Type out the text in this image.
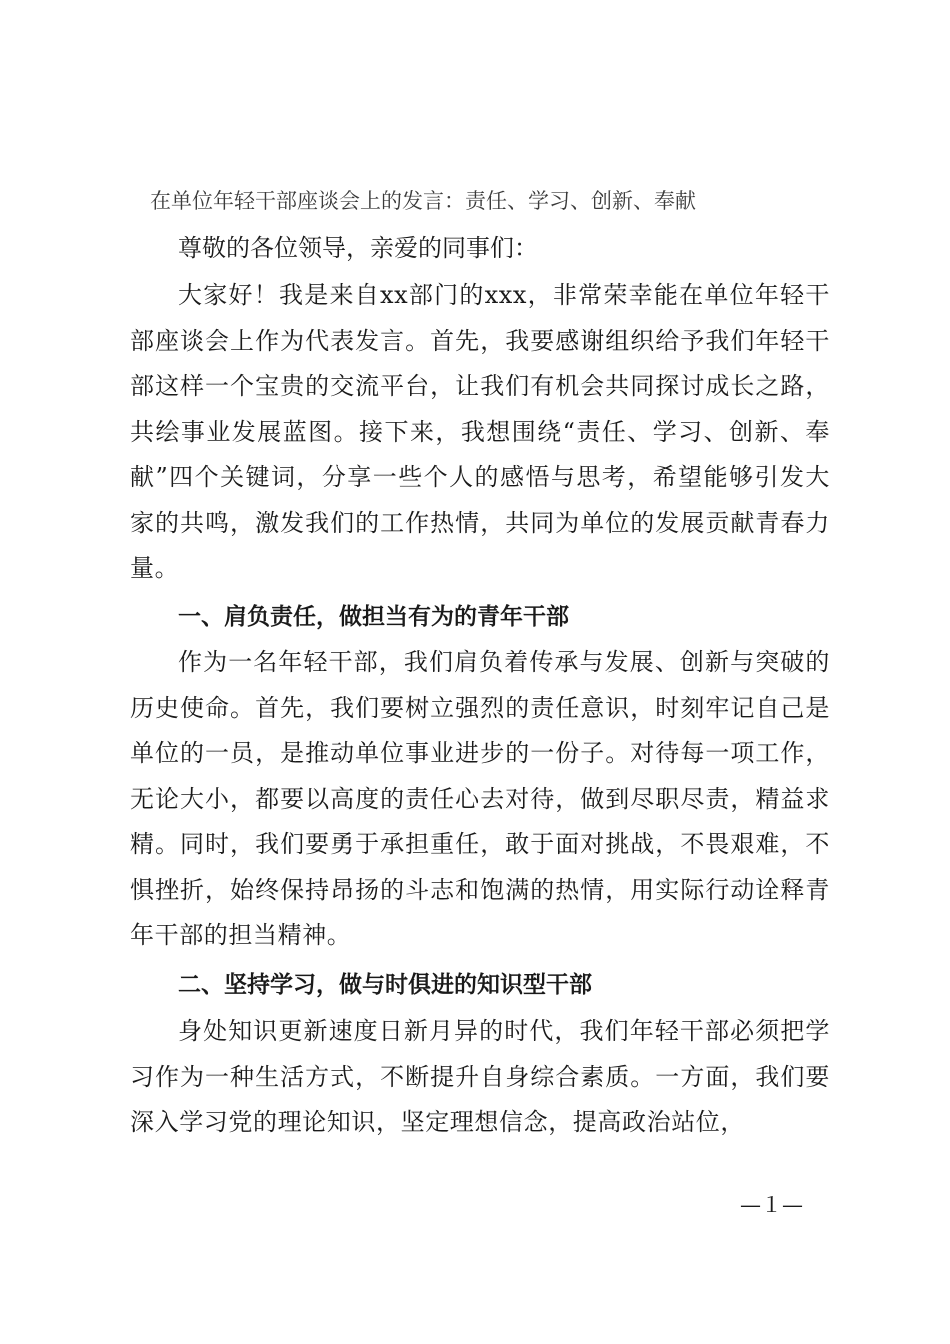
在单位年轻干部座谈会上的发言：责任、学习、创新、奉献
尊敬的各位领导，亲爱的同事们：

大家好！我是来自xx部门的xxx，非常荣幸能在单位年轻干部座谈会上作为代表发言。首先，我要感谢组织给予我们年轻干部这样一个宝贵的交流平台，让我们有机会共同探讨成长之路，共绘事业发展蓝图。接下来，我想围绕“责任、学习、创新、奉献”四个关键词，分享一些个人的感悟与思考，希望能够引发大家的共鸣，激发我们的工作热情，共同为单位的发展贡献青春力量。

一、肩负责任，做担当有为的青年干部

作为一名年轻干部，我们肩负着传承与发展、创新与突破的历史使命。首先，我们要树立强烈的责任意识，时刻牢记自己是单位的一员，是推动单位事业进步的一份子。对待每一项工作，无论大小，都要以高度的责任心去对待，做到尽职尽责，精益求精。同时，我们要勇于承担重任，敢于面对挑战，不畏艰难，不惧挫折，始终保持昂扬的斗志和饱满的热情，用实际行动诠释青年干部的担当精神。

二、坚持学习，做与时俱进的知识型干部

身处知识更新速度日新月异的时代，我们年轻干部必须把学习作为一种生活方式，不断提升自身综合素质。一方面，我们要深入学习党的理论知识，坚定理想信念，提高政治站位，

—１—
